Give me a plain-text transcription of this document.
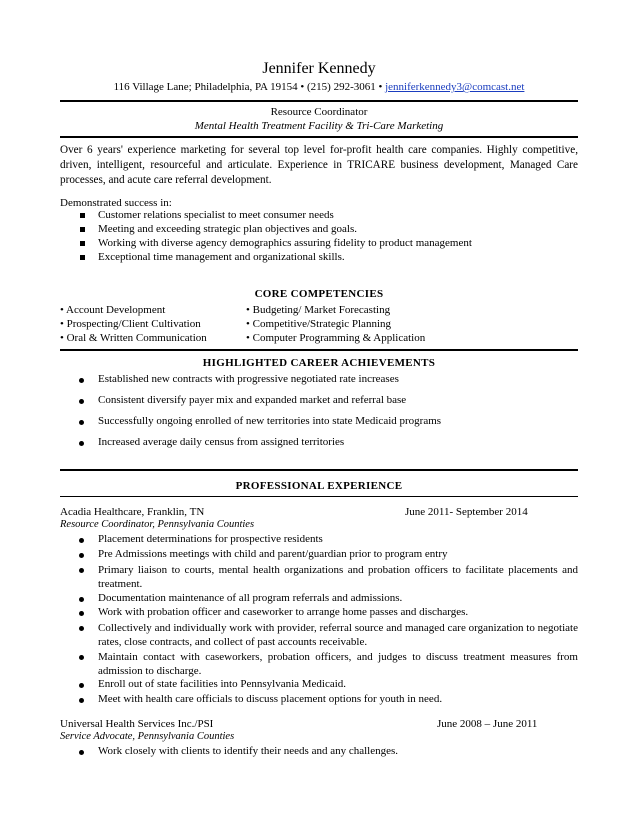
Jennifer Kennedy
116 Village Lane; Philadelphia, PA 19154 • (215) 292-3061 • jenniferkennedy3@comcast.net
Resource Coordinator
Mental Health Treatment Facility & Tri-Care Marketing
Over 6 years' experience marketing for several top level for-profit health care companies. Highly competitive, driven, intelligent, resourceful and articulate. Experience in TRICARE business development, Managed Care processes, and acute care referral development.
Demonstrated success in:
Customer relations specialist to meet consumer needs
Meeting and exceeding strategic plan objectives and goals.
Working with diverse agency demographics assuring fidelity to product management
Exceptional time management and organizational skills.
CORE COMPETENCIES
• Account Development
• Prospecting/Client Cultivation
• Oral & Written Communication
• Budgeting/ Market Forecasting
• Competitive/Strategic Planning
• Computer Programming & Application
HIGHLIGHTED CAREER ACHIEVEMENTS
Established new contracts with progressive negotiated rate increases
Consistent diversify payer mix and expanded market and referral base
Successfully ongoing enrolled of new territories into state Medicaid programs
Increased average daily census from assigned territories
PROFESSIONAL EXPERIENCE
Acadia Healthcare, Franklin, TN	June 2011- September 2014
Resource Coordinator, Pennsylvania Counties
Placement determinations for prospective residents
Pre Admissions meetings with child and parent/guardian prior to program entry
Primary liaison to courts, mental health organizations and probation officers to facilitate placements and treatment.
Documentation maintenance of all program referrals and admissions.
Work with probation officer and caseworker to arrange home passes and discharges.
Collectively and individually work with provider, referral source and managed care organization to negotiate rates, close contracts, and collect of past accounts receivable.
Maintain contact with caseworkers, probation officers, and judges to discuss treatment measures from admission to discharge.
Enroll out of state facilities into Pennsylvania Medicaid.
Meet with health care officials to discuss placement options for youth in need.
Universal Health Services Inc./PSI	June 2008 – June 2011
Service Advocate, Pennsylvania Counties
Work closely with clients to identify their needs and any challenges.
